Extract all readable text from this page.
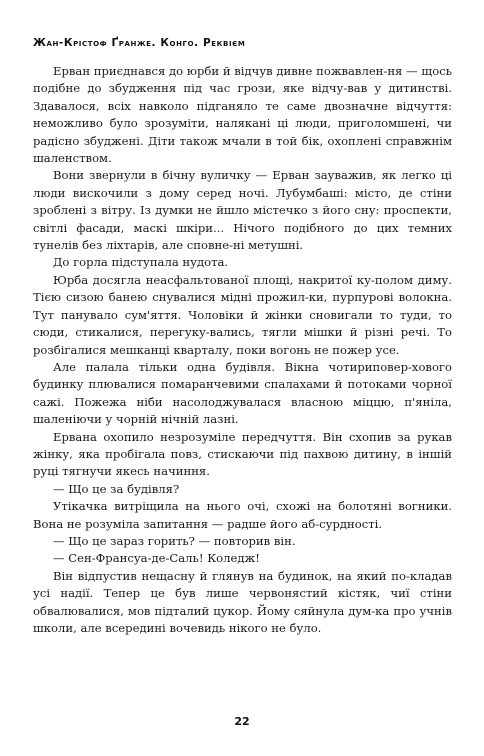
Жан-Крістоф Ґранже. Конго. Реквієм

Ерван приєднався до юрби й відчув дивне пожвавлен-ня — щось подібне до збудження під час грози, яке відчу-вав у дитинстві. Здавалося, всіх навколо підганяло те саме двозначне відчуття: неможливо було зрозуміти, налякані ці люди, приголомшені, чи радісно збуджені. Діти також мчали в той бік, охоплені справжнім шаленством.

Вони звернули в бічну вуличку — Ерван зауважив, як легко ці люди вискочили з дому серед ночі. Лубумбаші: місто, де стіни зроблені з вітру. Із думки не йшло містечко з його сну: проспекти, світлі фасади, маскі шкіри... Нічого подібного до цих темних тунелів без ліхтарів, але сповне-ні метушні.

До горла підступала нудота.

Юрба досягла неасфальтованої площі, накритої ку-полом диму. Тією сизою банею снувалися мідні прожил-ки, пурпурові волокна. Тут панувало сум'яття. Чоловіки й жінки сновигали то туди, то сюди, стикалися, перегуку-вались, тягли мішки й різні речі. То розбігалися мешканці кварталу, поки вогонь не пожер усе.

Але палала тільки одна будівля. Вікна чотириповер-хового будинку плювалися помаранчевими спалахами й потоками чорної сажі. Пожежа ніби насолоджувалася власною міццю, п'яніла, шаленіючи у чорній нічній лазні.

Ервана охопило незрозуміле передчуття. Він схопив за рукав жінку, яка пробігала повз, стискаючи під пахвою дитину, в іншій руці тягнучи якесь начиння.

— Що це за будівля?

Утікачка витріщила на нього очі, схожі на болотяні вогники. Вона не розуміла запитання — радше його аб-сурдності.

— Що це зараз горить? — повторив він.

— Сен-Франсуа-де-Саль! Коледж!

Він відпустив нещасну й глянув на будинок, на який по-кладав усі надії. Тепер це був лише червонястий кістяк, чиї стіни обвалювалися, мов підталий цукор. Йому сяйнула дум-ка про учнів школи, але всередині вочевидь нікого не було.

22
